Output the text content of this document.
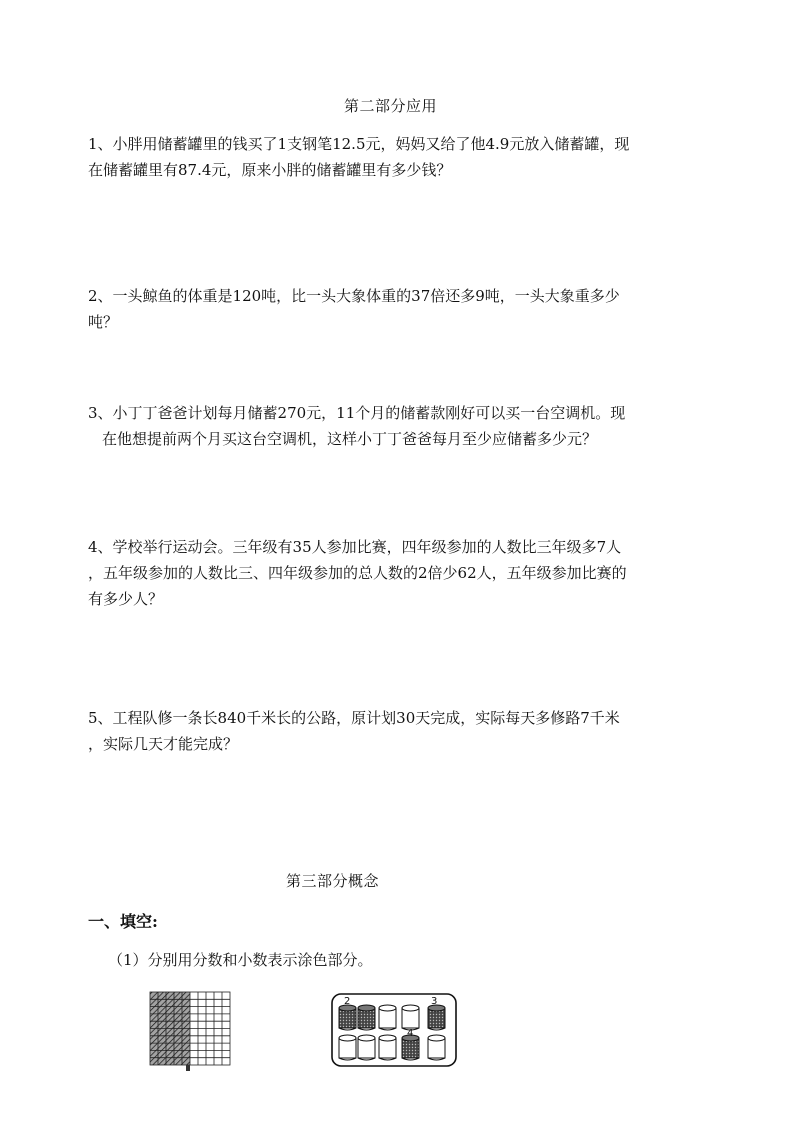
第二部分应用
1、小胖用储蓄罐里的钱买了1支钢笔12.5元，妈妈又给了他4.9元放入储蓄罐，现
在储蓄罐里有87.4元，原来小胖的储蓄罐里有多少钱？
2、一头鲸鱼的体重是120吨，比一头大象体重的37倍还多9吨，一头大象重多少
吨？
3、小丁丁爸爸计划每月储蓄270元，11个月的储蓄款刚好可以买一台空调机。现
在他想提前两个月买这台空调机，这样小丁丁爸爸每月至少应储蓄多少元？
4、学校举行运动会。三年级有35人参加比赛，四年级参加的人数比三年级多7人
，五年级参加的人数比三、四年级参加的总人数的2倍少62人，五年级参加比赛的
有多少人？
5、工程队修一条长840千米长的公路，原计划30天完成，实际每天多修路7千米
，实际几天才能完成？
第三部分概念
一、填空:
（1）分别用分数和小数表示涂色部分。
2	3
4
